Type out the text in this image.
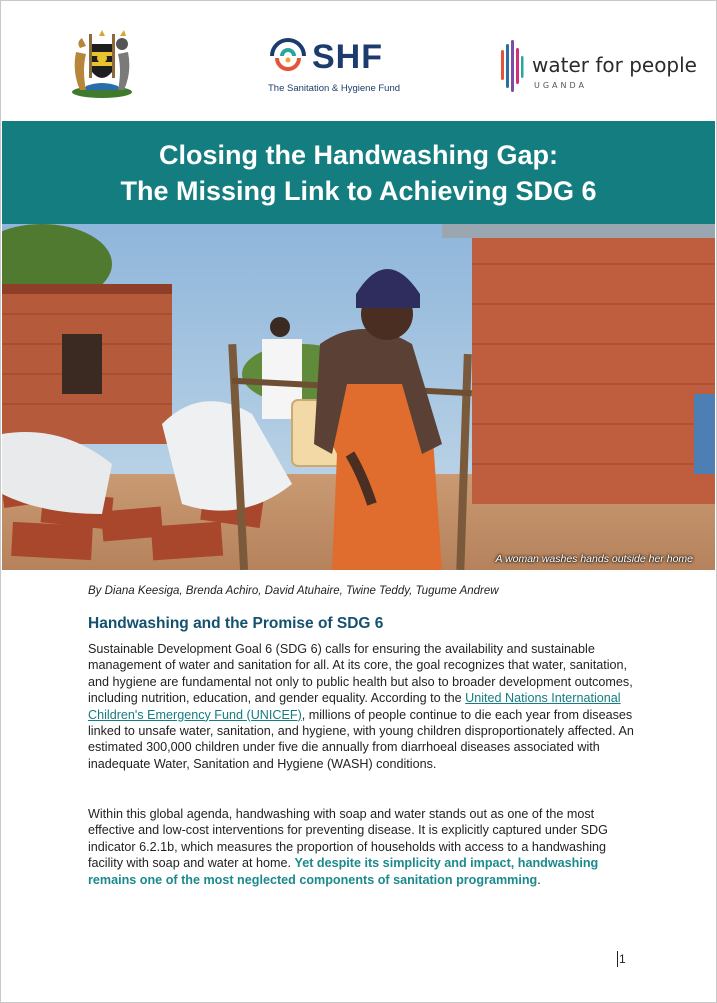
SHF
The Sanitation & Hygiene Fund
water for people
UGANDA
Closing the Handwashing Gap:
The Missing Link to Achieving SDG 6
A woman washes hands outside her home
By Diana Keesiga, Brenda Achiro, David Atuhaire, Twine Teddy, Tugume Andrew
Handwashing and the Promise of SDG 6
Sustainable Development Goal 6 (SDG 6) calls for ensuring the availability and sustainable management of water and sanitation for all. At its core, the goal recognizes that water, sanitation, and hygiene are fundamental not only to public health but also to broader development outcomes, including nutrition, education, and gender equality. According to the United Nations International Children's Emergency Fund (UNICEF), millions of people continue to die each year from diseases linked to unsafe water, sanitation, and hygiene, with young children disproportionately affected. An estimated 300,000 children under five die annually from diarrhoeal diseases associated with inadequate Water, Sanitation and Hygiene (WASH) conditions.
Within this global agenda, handwashing with soap and water stands out as one of the most effective and low-cost interventions for preventing disease. It is explicitly captured under SDG indicator 6.2.1b, which measures the proportion of households with access to a handwashing facility with soap and water at home. Yet despite its simplicity and impact, handwashing remains one of the most neglected components of sanitation programming.
1
